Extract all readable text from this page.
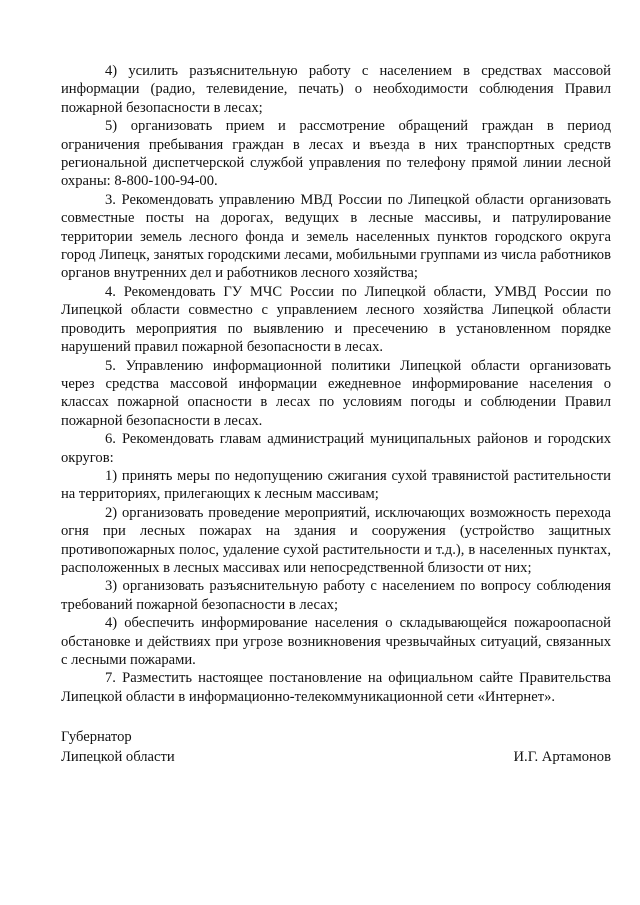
4) усилить разъяснительную работу с населением в средствах массовой информации (радио, телевидение, печать) о необходимости соблюдения Правил пожарной безопасности в лесах;

5) организовать прием и рассмотрение обращений граждан в период ограничения пребывания граждан в лесах и въезда в них транспортных средств региональной диспетчерской службой управления по телефону прямой линии лесной охраны: 8-800-100-94-00.

3. Рекомендовать управлению МВД России по Липецкой области организовать совместные посты на дорогах, ведущих в лесные массивы, и патрулирование территории земель лесного фонда и земель населенных пунктов городского округа город Липецк, занятых городскими лесами, мобильными группами из числа работников органов внутренних дел и работников лесного хозяйства;

4. Рекомендовать ГУ МЧС России по Липецкой области, УМВД России по Липецкой области совместно с управлением лесного хозяйства Липецкой области проводить мероприятия по выявлению и пресечению в установленном порядке нарушений правил пожарной безопасности в лесах.

5. Управлению информационной политики Липецкой области организовать через средства массовой информации ежедневное информирование населения о классах пожарной опасности в лесах по условиям погоды и соблюдении Правил пожарной безопасности в лесах.

6. Рекомендовать главам администраций муниципальных районов и городских округов:

1) принять меры по недопущению сжигания сухой травянистой растительности на территориях, прилегающих к лесным массивам;

2) организовать проведение мероприятий, исключающих возможность перехода огня при лесных пожарах на здания и сооружения (устройство защитных противопожарных полос, удаление сухой растительности и т.д.), в населенных пунктах, расположенных в лесных массивах или непосредственной близости от них;

3) организовать разъяснительную работу с населением по вопросу соблюдения требований пожарной безопасности в лесах;

4) обеспечить информирование населения о складывающейся пожароопасной обстановке и действиях при угрозе возникновения чрезвычайных ситуаций, связанных с лесными пожарами.

7. Разместить настоящее постановление на официальном сайте Правительства Липецкой области в информационно-телекоммуникационной сети «Интернет».

Губернатор
Липецкой области	И.Г. Артамонов
